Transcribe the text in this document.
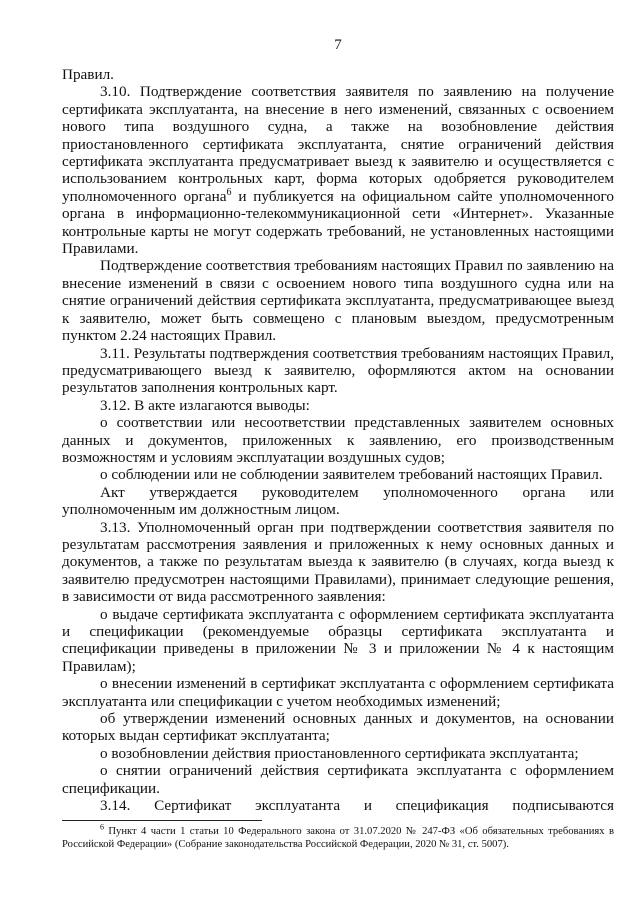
7

Правил.

3.10. Подтверждение соответствия заявителя по заявлению на получение сертификата эксплуатанта, на внесение в него изменений, связанных с освоением нового типа воздушного судна, а также на возобновление действия приостановленного сертификата эксплуатанта, снятие ограничений действия сертификата эксплуатанта предусматривает выезд к заявителю и осуществляется с использованием контрольных карт, форма которых одобряется руководителем уполномоченного органа$^6$ и публикуется на официальном сайте уполномоченного органа в информационно-телекоммуникационной сети «Интернет». Указанные контрольные карты не могут содержать требований, не установленных настоящими Правилами.

Подтверждение соответствия требованиям настоящих Правил по заявлению на внесение изменений в связи с освоением нового типа воздушного судна или на снятие ограничений действия сертификата эксплуатанта, предусматривающее выезд к заявителю, может быть совмещено с плановым выездом, предусмотренным пунктом 2.24 настоящих Правил.

3.11. Результаты подтверждения соответствия требованиям настоящих Правил, предусматривающего выезд к заявителю, оформляются актом на основании результатов заполнения контрольных карт.

3.12. В акте излагаются выводы:

о соответствии или несоответствии представленных заявителем основных данных и документов, приложенных к заявлению, его производственным возможностям и условиям эксплуатации воздушных судов;

о соблюдении или не соблюдении заявителем требований настоящих Правил.

Акт утверждается руководителем уполномоченного органа или уполномоченным им должностным лицом.

3.13. Уполномоченный орган при подтверждении соответствия заявителя по результатам рассмотрения заявления и приложенных к нему основных данных и документов, а также по результатам выезда к заявителю (в случаях, когда выезд к заявителю предусмотрен настоящими Правилами), принимает следующие решения, в зависимости от вида рассмотренного заявления:

о выдаче сертификата эксплуатанта с оформлением сертификата эксплуатанта и спецификации (рекомендуемые образцы сертификата эксплуатанта и спецификации приведены в приложении № 3 и приложении № 4 к настоящим Правилам);

о внесении изменений в сертификат эксплуатанта с оформлением сертификата эксплуатанта или спецификации с учетом необходимых изменений;

об утверждении изменений основных данных и документов, на основании которых выдан сертификат эксплуатанта;

о возобновлении действия приостановленного сертификата эксплуатанта;

о снятии ограничений действия сертификата эксплуатанта с оформлением спецификации.

3.14. Сертификат эксплуатанта и спецификация подписываются

$^6$ Пункт 4 части 1 статьи 10 Федерального закона от 31.07.2020 № 247-ФЗ «Об обязательных требованиях в Российской Федерации» (Собрание законодательства Российской Федерации, 2020 № 31, ст. 5007).
